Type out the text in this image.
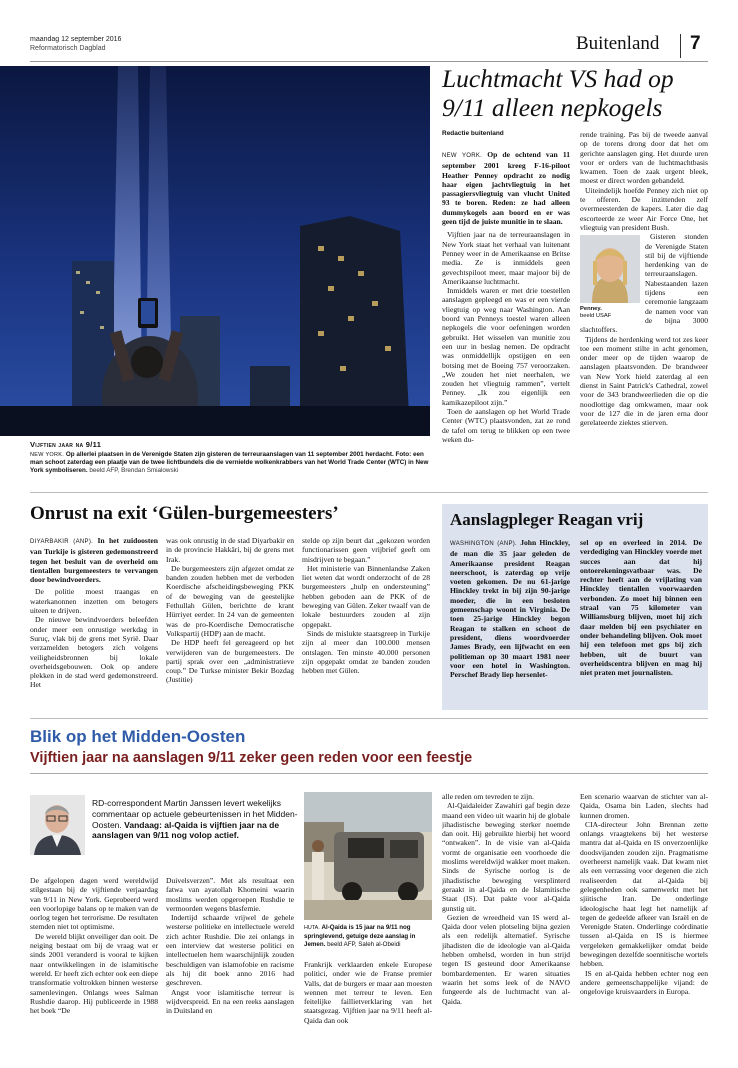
maandag 12 september 2016
Reformatorisch Dagblad	Buitenland 7
Vijftien jaar na 9/11
NEW YORK. Op allerlei plaatsen in de Verenigde Staten zijn gisteren de terreuraanslagen van 11 september 2001 herdacht. Foto: een man schoot zaterdag een plaatje van de twee lichtbundels die de vernielde wolkenkrabbers van het World Trade Center (WTC) in New York symboliseren. beeld AFP, Brendan Smialowski
Luchtmacht VS had op 9/11 alleen nepkogels
Redactie buitenland

NEW YORK. Op de ochtend van 11 september 2001 kreeg F-16-piloot Heather Penney opdracht zo nodig haar eigen jachtvliegtuig in het passagiersvliegtuig van vlucht United 93 te boren. Reden: ze had alleen dummykogels aan boord en er was geen tijd de juiste munitie in te slaan.

Vijftien jaar na de terreuraanslagen in New York staat het verhaal van luitenant Penney weer in de Amerikaanse en Britse media. Ze is inmiddels geen gevechtspiloot meer, maar majoor bij de Amerikaanse luchtmacht.

Inmiddels waren er met drie toestellen aanslagen gepleegd en was er een vierde vliegtuig op weg naar Washington. Aan boord van Penneys toestel waren alleen nepkogels die voor oefeningen worden gebruikt. Het wisselen van munitie zou een uur in beslag nemen. De opdracht was onmiddellijk opstijgen en een botsing met de Boeing 757 veroorzaken. „We zouden het niet neerhalen, we zouden het vliegtuig rammen”, vertelt Penney. „Ik zou eigenlijk een kamikazepiloot zijn.”

Toen de aanslagen op het World Trade Center (WTC) plaatsvonden, zat ze rond de tafel om terug te blikken op een twee weken du-

rende training. Pas bij de tweede aanval op de torens drong door dat het om gerichte aanslagen ging. Het duurde uren voor er orders van de luchtmachtbasis kwamen. Toen de zaak urgent bleek, moest er direct worden gehandeld.

Uiteindelijk hoefde Penney zich niet op te offeren. De inzittenden zelf overmeesterden de kapers. Later die dag escorteerde ze weer Air Force One, het vliegtuig van president Bush.

Penney.
beeld USAF

Gisteren stonden de Verenigde Staten stil bij de vijftiende herdenking van de terreuraanslagen. Nabestaanden lazen tijdens een ceremonie langzaam de namen voor van de bijna 3000 slachtoffers.

Tijdens de herdenking werd tot zes keer toe een moment stilte in acht genomen, onder meer op de tijden waarop de aanslagen plaatsvonden. De brandweer van New York hield zaterdag al een dienst in Saint Patrick's Cathedral, zowel voor de 343 brandweerlieden die op die noodlottige dag omkwamen, maar ook voor de 127 die in de jaren erna door gerelateerde ziektes stierven.

Onrust na exit ‘Gülen-burgemeesters’

DIYARBAKIR (ANP). In het zuidoosten van Turkije is gisteren gedemonstreerd tegen het besluit van de overheid om tientallen burgemeesters te vervangen door bewindvoerders.

De politie moest traangas en waterkanonnen inzetten om betogers uiteen te drijven.

De nieuwe bewindvoerders beleefden onder meer een onrustige werkdag in Suruç, vlak bij de grens met Syrië. Daar verzamelden betogers zich volgens veiligheidsbronnen bij lokale overheidsgebouwen. Ook op andere plekken in de stad werd gedemonstreerd. Het

was ook onrustig in de stad Diyarbakir en in de provincie Hakkâri, bij de grens met Irak.

De burgemeesters zijn afgezet omdat ze banden zouden hebben met de verboden Koerdische afscheidingsbeweging PKK of de beweging van de geestelijke Fethullah Gülen, berichtte de krant Hürriyet eerder. In 24 van de gemeenten was de pro-Koerdische Democratische Volkspartij (HDP) aan de macht.

De HDP heeft fel gereageerd op het verwijderen van de burgemeesters. De partij sprak over een „administratieve coup.” De Turkse minister Bekir Bozdag (Justitie)

stelde op zijn beurt dat „gekozen worden functionarissen geen vrijbrief geeft om misdrijven te begaan.”

Het ministerie van Binnenlandse Zaken liet weten dat wordt onderzocht of de 28 burgemeesters „hulp en ondersteuning” hebben geboden aan de PKK of de beweging van Gülen. Zeker twaalf van de lokale bestuurders zouden al zijn opgepakt.

Sinds de mislukte staatsgreep in Turkije zijn al meer dan 100.000 mensen ontslagen. Ten minste 40.000 personen zijn opgepakt omdat ze banden zouden hebben met Gülen.

Aanslagpleger Reagan vrij

WASHINGTON (ANP). John Hinckley, de man die 35 jaar geleden de Amerikaanse president Reagan neerschoot, is zaterdag op vrije voeten gekomen. De nu 61-jarige Hinckley trekt in bij zijn 90-jarige moeder, die in een besloten gemeenschap woont in Virginia. De toen 25-jarige Hinckley begon Reagan te stalken en schoot de president, diens woordvoerder James Brady, een lijfwacht en een politieman op 30 maart 1981 neer voor een hotel in Washington. Perschef Brady liep hersenlet-

sel op en overleed in 2014. De verdediging van Hinckley voerde met succes aan dat hij ontoerekeningsvatbaar was. De rechter heeft aan de vrijlating van Hinckley tientallen voorwaarden verbonden. Zo moet hij binnen een straal van 75 kilometer van Williamsburg blijven, moet hij zich daar melden bij een psychiater en onder behandeling blijven. Ook moet hij een telefoon met gps bij zich hebben, uit de buurt van overheidscentra blijven en mag hij niet praten met journalisten.

Blik op het Midden-Oosten
Vijftien jaar na aanslagen 9/11 zeker geen reden voor een feestje
RD-correspondent Martin Janssen levert wekelijks commentaar op actuele gebeurtenissen in het Midden-Oosten. Vandaag: al-Qaida is vijftien jaar na de aanslagen van 9/11 nog volop actief.

De afgelopen dagen werd wereldwijd stilgestaan bij de vijftiende verjaardag van 9/11 in New York. Geprobeerd werd een voorlopige balans op te maken van de oorlog tegen het terrorisme. De resultaten stemden niet tot optimisme.

De wereld blijkt onveiliger dan ooit. De neiging bestaat om bij de vraag wat er sinds 2001 veranderd is vooral te kijken naar ontwikkelingen in de islamitische wereld. Er heeft zich echter ook een diepe transformatie voltrokken binnen westerse samenlevingen. Onlangs wees Salman Rushdie daarop. Hij publiceerde in 1988 het boek “De

Duivelsverzen”. Met als resultaat een fatwa van ayatollah Khomeini waarin moslims werden opgeroepen Rushdie te vermoorden wegens blasfemie.

Indertijd schaarde vrijwel de gehele westerse politieke en intellectuele wereld zich achter Rushdie. Die zei onlangs in een interview dat westerse politici en intellectuelen hem waarschijnlijk zouden beschuldigen van islamofobie en racisme als hij dit boek anno 2016 had geschreven.

Angst voor islamitische terreur is wijdverspreid. En na een reeks aanslagen in Duitsland en

HUTA. Al-Qaida is 15 jaar na 9/11 nog springlevend, getuige deze aanslag in Jemen. beeld AFP, Saleh al-Obeidi

Frankrijk verklaarden enkele Europese politici, onder wie de Franse premier Valls, dat de burgers er maar aan moesten wennen met terreur te leven. Een feitelijke faillietverklaring van het staatsgezag. Vijftien jaar na 9/11 heeft al-Qaida dan ook

alle reden om tevreden te zijn.

Al-Qaidaleider Zawahiri gaf begin deze maand een video uit waarin hij de globale jihadistische beweging sterker noemde dan ooit. Hij gebruikte hierbij het woord “ontwaken”. In de visie van al-Qaida vormt de organisatie een voorhoede die moslims wereldwijd wakker moet maken. Sinds de Syrische oorlog is de jihadistische beweging versplinterd geraakt in al-Qaida en de Islamitische Staat (IS). Dat pakte voor al-Qaida gunstig uit.

Gezien de wreedheid van IS werd al-Qaida door velen plotseling bijna gezien als een redelijk alternatief. Syrische jihadisten die de ideologie van al-Qaida hebben omhelsd, worden in hun strijd tegen IS gesteund door Amerikaanse bombardementen. Er waren situaties waarin het soms leek of de NAVO fungeerde als de luchtmacht van al-Qaida.

Een scenario waarvan de stichter van al-Qaida, Osama bin Laden, slechts had kunnen dromen.

CIA-directeur John Brennan zette onlangs vraagtekens bij het westerse mantra dat al-Qaida en IS onverzoenlijke doodsvijanden zouden zijn. Pragmatisme overheerst namelijk vaak. Dat kwam niet als een verrassing voor degenen die zich realiseerden dat al-Qaida bij gelegenheden ook samenwerkt met het sjiitische Iran. De onderlinge ideologische haat legt het namelijk af tegen de gedeelde afkeer van Israël en de Verenigde Staten. Onderlinge coördinatie tussen al-Qaida en IS is hiermee vergeleken gemakkelijker omdat beide bewegingen dezelfde soennitische wortels hebben.

IS en al-Qaida hebben echter nog een andere gemeenschappelijke vijand: de ongelovige kruisvaarders in Europa.
